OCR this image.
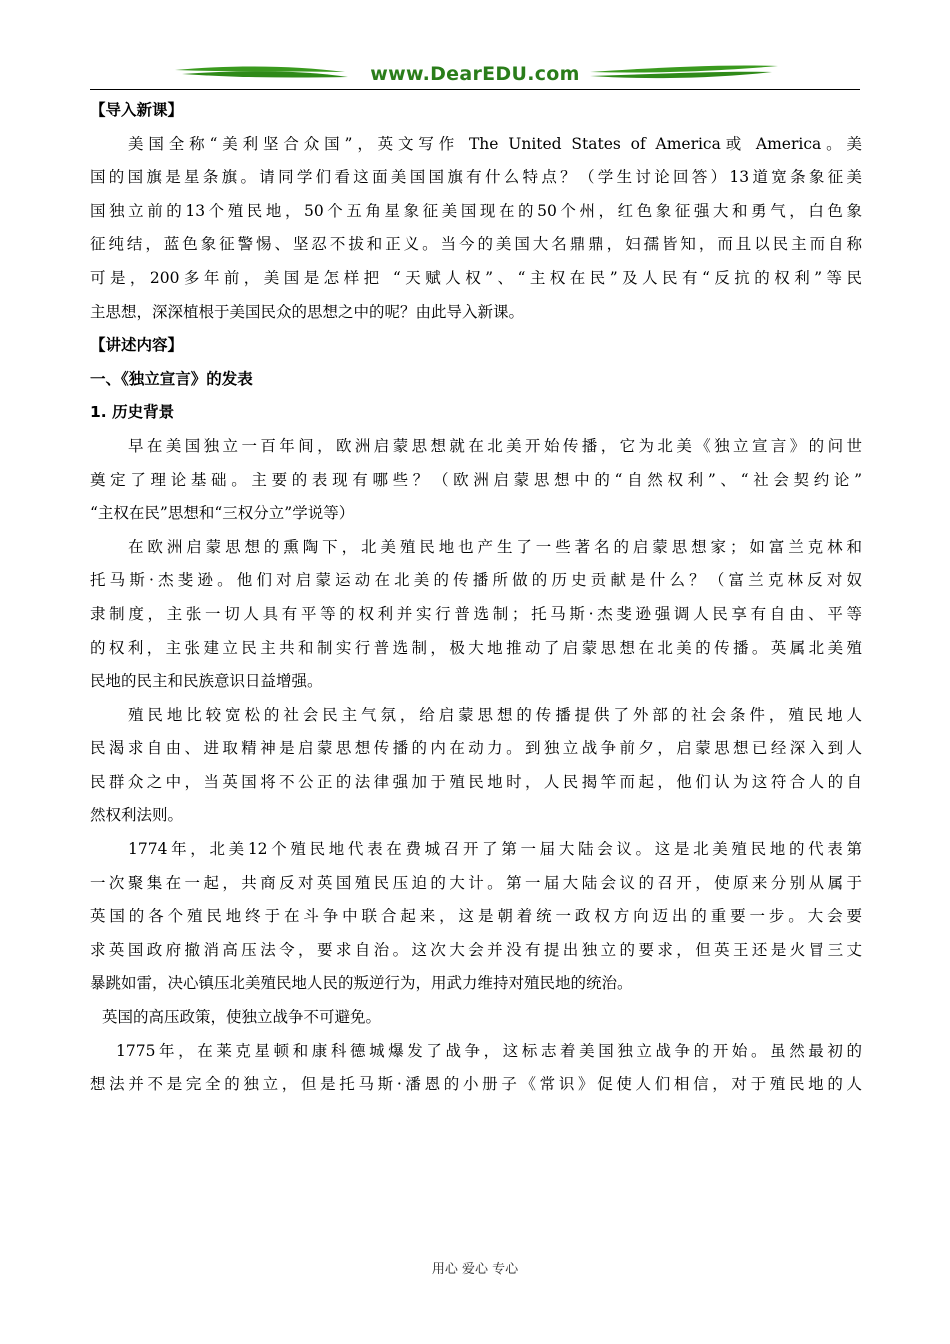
www.DearEDU.com
【导入新课】
美国全称“美利坚合众国”，英文写作 The United States of America或 America。美
国的国旗是星条旗。请同学们看这面美国国旗有什么特点？（学生讨论回答）13道宽条象征美
国独立前的13个殖民地，50个五角星象征美国现在的50个州，红色象征强大和勇气，白色象
征纯结，蓝色象征警惕、坚忍不拔和正义。当今的美国大名鼎鼎，妇孺皆知，而且以民主而自称
可是，200多年前，美国是怎样把 “天赋人权”、“主权在民”及人民有“反抗的权利”等民
主思想，深深植根于美国民众的思想之中的呢？由此导入新课。
【讲述内容】
一、《独立宣言》的发表
1. 历史背景
早在美国独立一百年间，欧洲启蒙思想就在北美开始传播，它为北美《独立宣言》的问世
奠定了理论基础。主要的表现有哪些？（欧洲启蒙思想中的“自然权利”、“社会契约论”
“主权在民”思想和“三权分立”学说等）
在欧洲启蒙思想的熏陶下，北美殖民地也产生了一些著名的启蒙思想家；如富兰克林和
托马斯·杰斐逊。他们对启蒙运动在北美的传播所做的历史贡献是什么？（富兰克林反对奴
隶制度，主张一切人具有平等的权利并实行普选制；托马斯·杰斐逊强调人民享有自由、平等
的权利，主张建立民主共和制实行普选制，极大地推动了启蒙思想在北美的传播。英属北美殖
民地的民主和民族意识日益增强。
殖民地比较宽松的社会民主气氛，给启蒙思想的传播提供了外部的社会条件，殖民地人
民渴求自由、进取精神是启蒙思想传播的内在动力。到独立战争前夕，启蒙思想已经深入到人
民群众之中，当英国将不公正的法律强加于殖民地时，人民揭竿而起，他们认为这符合人的自
然权利法则。
1774年，北美12个殖民地代表在费城召开了第一届大陆会议。这是北美殖民地的代表第
一次聚集在一起，共商反对英国殖民压迫的大计。第一届大陆会议的召开，使原来分别从属于
英国的各个殖民地终于在斗争中联合起来，这是朝着统一政权方向迈出的重要一步。大会要
求英国政府撤消高压法令，要求自治。这次大会并没有提出独立的要求，但英王还是火冒三丈
暴跳如雷，决心镇压北美殖民地人民的叛逆行为，用武力维持对殖民地的统治。
英国的高压政策，使独立战争不可避免。
1775年，在莱克星顿和康科德城爆发了战争，这标志着美国独立战争的开始。虽然最初的
想法并不是完全的独立，但是托马斯·潘恩的小册子《常识》促使人们相信，对于殖民地的人
用心 爱心 专心
